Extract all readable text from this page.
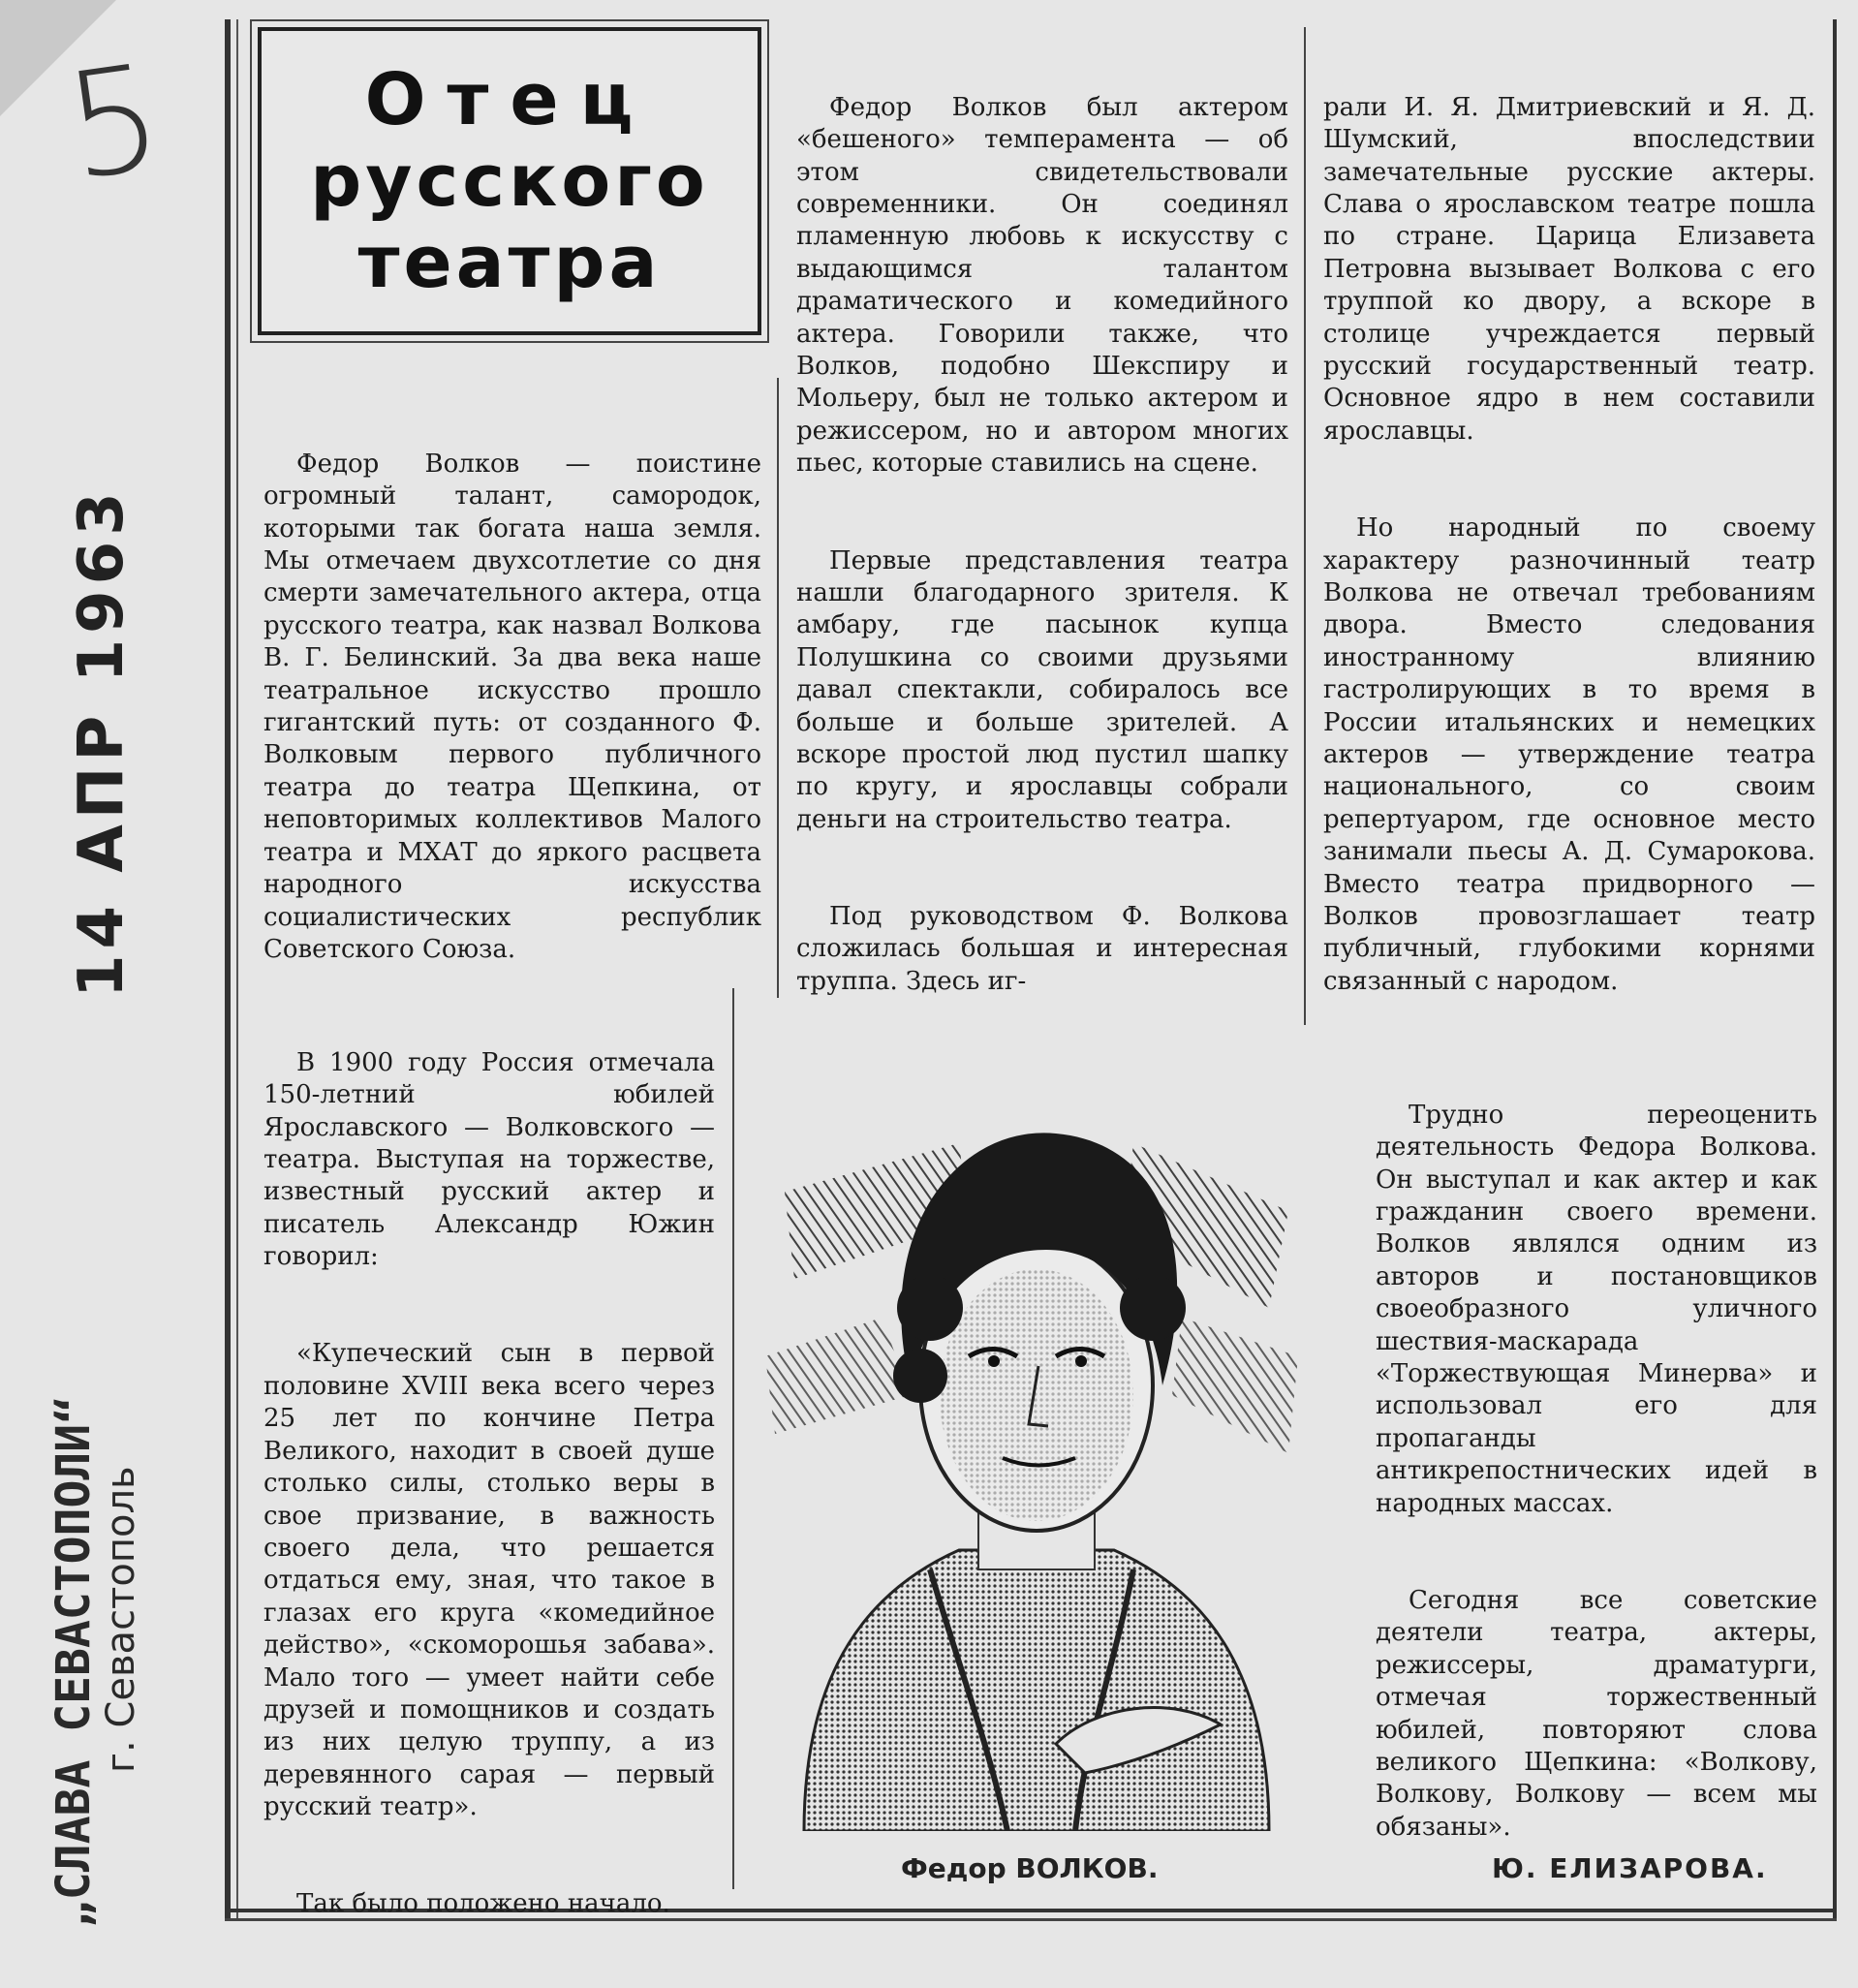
5
14 АПР 1963
„СЛАВА СЕВАСТОПОЛИ“
г. Севастополь
Отец
русского
театра

Федор Волков — поистине огромный талант, самородок, которыми так богата наша земля. Мы отмечаем двухсотлетие со дня смерти замечательного актера, отца русского театра, как назвал Волкова В. Г. Белинский. За два века наше театральное искусство прошло гигантский путь: от созданного Ф. Волковым первого публичного театра до театра Щепкина, от неповторимых коллективов Малого театра и МХАТ до яркого расцвета народного искусства социалистических республик Советского Союза.

В 1900 году Россия отмечала 150-летний юбилей Ярославского — Волковского — театра. Выступая на торжестве, известный русский актер и писатель Александр Южин говорил:

«Купеческий сын в первой половине XVIII века всего через 25 лет по кончине Петра Великого, находит в своей душе столько силы, столько веры в свое призвание, в важность своего дела, что решается отдаться ему, зная, что такое в глазах его круга «комедийное действо», «скоморошья забава». Мало того — умеет найти себе друзей и помощников и создать из них целую труппу, а из деревянного сарая — первый русский театр».

Так было положено начало.

Федор Волков был актером «бешеного» темперамента — об этом свидетельствовали современники. Он соединял пламенную любовь к искусству с выдающимся талантом драматического и комедийного актера. Говорили также, что Волков, подобно Шекспиру и Мольеру, был не только актером и режиссером, но и автором многих пьес, которые ставились на сцене.

Первые представления театра нашли благодарного зрителя. К амбару, где пасынок купца Полушкина со своими друзьями давал спектакли, собиралось все больше и больше зрителей. А вскоре простой люд пустил шапку по кругу, и ярославцы собрали деньги на строительство театра.

Под руководством Ф. Волкова сложилась большая и интересная труппа. Здесь иг-

рали И. Я. Дмитриевский и Я. Д. Шумский, впоследствии замечательные русские актеры. Слава о ярославском театре пошла по стране. Царица Елизавета Петровна вызывает Волкова с его труппой ко двору, а вскоре в столице учреждается первый русский государственный театр. Основное ядро в нем составили ярославцы.

Но народный по своему характеру разночинный театр Волкова не отвечал требованиям двора. Вместо следования иностранному влиянию гастролирующих в то время в России итальянских и немецких актеров — утверждение театра национального, со своим репертуаром, где основное место занимали пьесы А. Д. Сумарокова. Вместо театра придворного — Волков провозглашает театр публичный, глубокими корнями связанный с народом.

Трудно переоценить деятельность Федора Волкова. Он выступал и как актер и как гражданин своего времени. Волков являлся одним из авторов и постановщиков своеобразного уличного шествия-маскарада «Торжествующая Минерва» и использовал его для пропаганды антикрепостнических идей в народных массах.

Сегодня все советские деятели театра, актеры, режиссеры, драматурги, отмечая торжественный юбилей, повторяют слова великого Щепкина: «Волкову, Волкову, Волкову — всем мы обязаны».

Федор ВОЛКОВ.	Ю. ЕЛИЗАРОВА.
